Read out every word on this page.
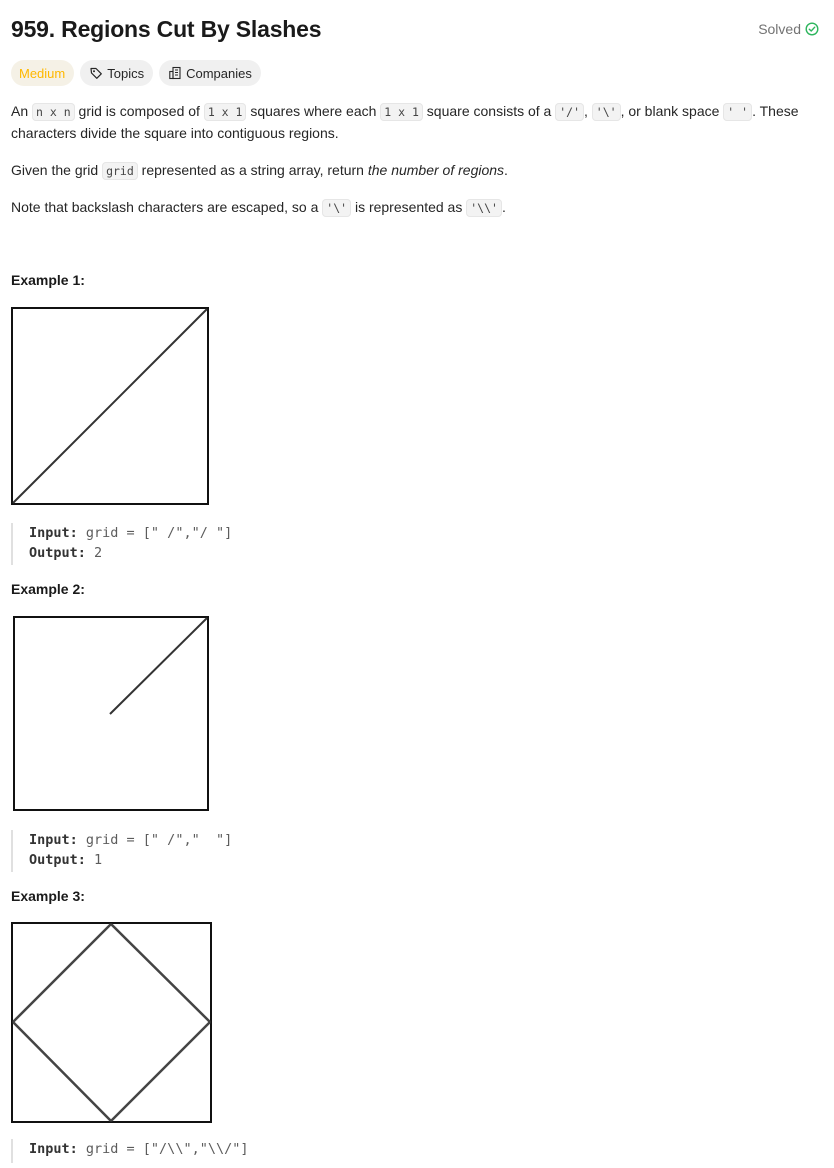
959. Regions Cut By Slashes	Solved
Medium	Topics	Companies

An n x n grid is composed of 1 x 1 squares where each 1 x 1 square consists of a '/' , '\' , or blank space ' ' . These characters divide the square into contiguous regions.

Given the grid grid represented as a string array, return the number of regions.

Note that backslash characters are escaped, so a '\' is represented as '\\' .

Example 1:
Input: grid = [" /","/ "]
Output: 2
Example 2:
Input: grid = [" /","  "]
Output: 1
Example 3:
Input: grid = ["/\\","\\/"]
